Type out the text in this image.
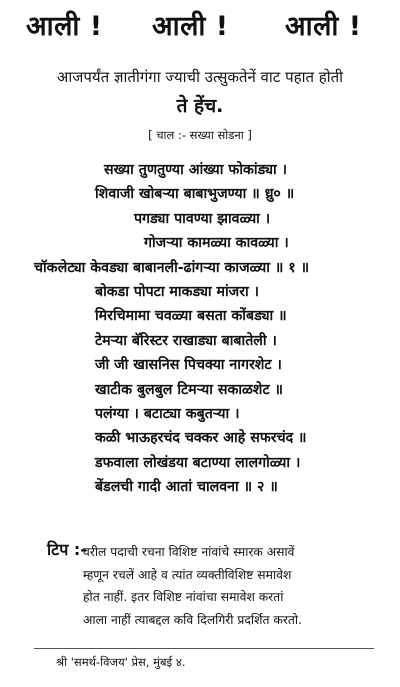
आली ! आली ! आली !
आजपर्यंत ज्ञातीगंगा ज्याची उत्सुकतेनें वाट पहात होती
ते हेंच.
[ चाल :- सख्या सोडना ]
सख्या तुणतुण्या आंख्या फोकांड्या ।
शिवाजी खोबऱ्या बाबाभुजण्या ॥ ध्रु० ॥
पगड्या पावण्या झावळ्या ।
गोजऱ्या कामळ्या कावळ्या ।
चॉकलेट्या केवड्या बाबानली-ढांगऱ्या काजळ्या ॥ १ ॥
बोकडा पोपटा माकड्या मांजरा ।
मिरचिमामा चवळ्या बसता कोंबड्या ॥
टेमऱ्या बॅरिस्टर राखाड्या बाबातेली ।
जी जी खासनिस पिचक्या नागरशेट ।
खाटीक बुलबुल टिमऱ्या सकाळशेट ॥
पलंग्या । बटाट्या कबुतऱ्या ।
कळी भाऊहरचंद चक्कर आहे सफरचंद ॥
डफवाला लोखंडया बटाण्या लालगोळ्या ।
बेंडलची गादी आतां चालवना ॥ २ ॥
टिप :-
वरील पदाची रचना विशिष्ट नांवांचे स्मारक असावें
म्हणून रचलें आहे व त्यांत व्यक्तीविशिष्ट समावेश
होत नाहीं. इतर विशिष्ट नांवांचा समावेश करतां
आला नाहीं त्याबद्दल कवि दिलगिरी प्रदर्शित करतो.
श्री 'समर्थ-विजय' प्रेस, मुंबई ४.
